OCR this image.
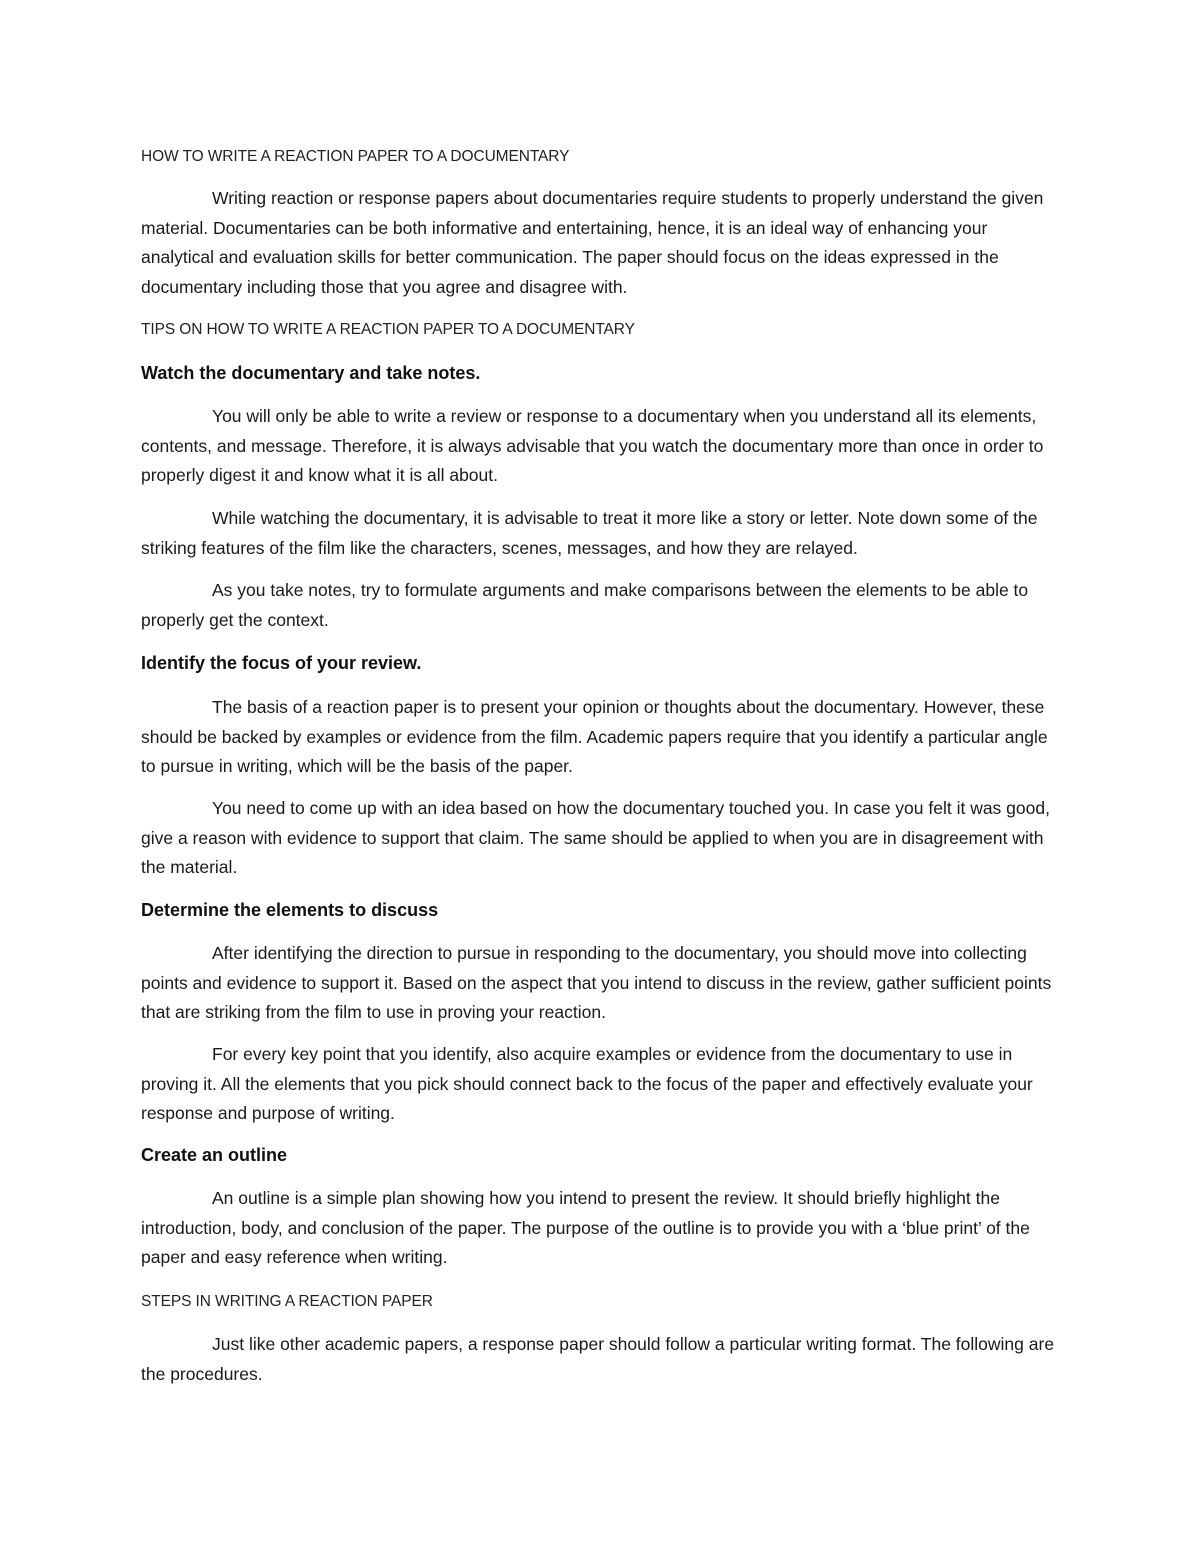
HOW TO WRITE A REACTION PAPER TO A DOCUMENTARY

Writing reaction or response papers about documentaries require students to properly understand the given material. Documentaries can be both informative and entertaining, hence, it is an ideal way of enhancing your analytical and evaluation skills for better communication. The paper should focus on the ideas expressed in the documentary including those that you agree and disagree with.

TIPS ON HOW TO WRITE A REACTION PAPER TO A DOCUMENTARY
Watch the documentary and take notes.

You will only be able to write a review or response to a documentary when you understand all its elements, contents, and message. Therefore, it is always advisable that you watch the documentary more than once in order to properly digest it and know what it is all about.

While watching the documentary, it is advisable to treat it more like a story or letter. Note down some of the striking features of the film like the characters, scenes, messages, and how they are relayed.

As you take notes, try to formulate arguments and make comparisons between the elements to be able to properly get the context.

Identify the focus of your review.

The basis of a reaction paper is to present your opinion or thoughts about the documentary. However, these should be backed by examples or evidence from the film. Academic papers require that you identify a particular angle to pursue in writing, which will be the basis of the paper.

You need to come up with an idea based on how the documentary touched you. In case you felt it was good, give a reason with evidence to support that claim. The same should be applied to when you are in disagreement with the material.

Determine the elements to discuss

After identifying the direction to pursue in responding to the documentary, you should move into collecting points and evidence to support it. Based on the aspect that you intend to discuss in the review, gather sufficient points that are striking from the film to use in proving your reaction.

For every key point that you identify, also acquire examples or evidence from the documentary to use in proving it. All the elements that you pick should connect back to the focus of the paper and effectively evaluate your response and purpose of writing.

Create an outline

An outline is a simple plan showing how you intend to present the review. It should briefly highlight the introduction, body, and conclusion of the paper. The purpose of the outline is to provide you with a ‘blue print’ of the paper and easy reference when writing.

STEPS IN WRITING A REACTION PAPER

Just like other academic papers, a response paper should follow a particular writing format. The following are the procedures.
